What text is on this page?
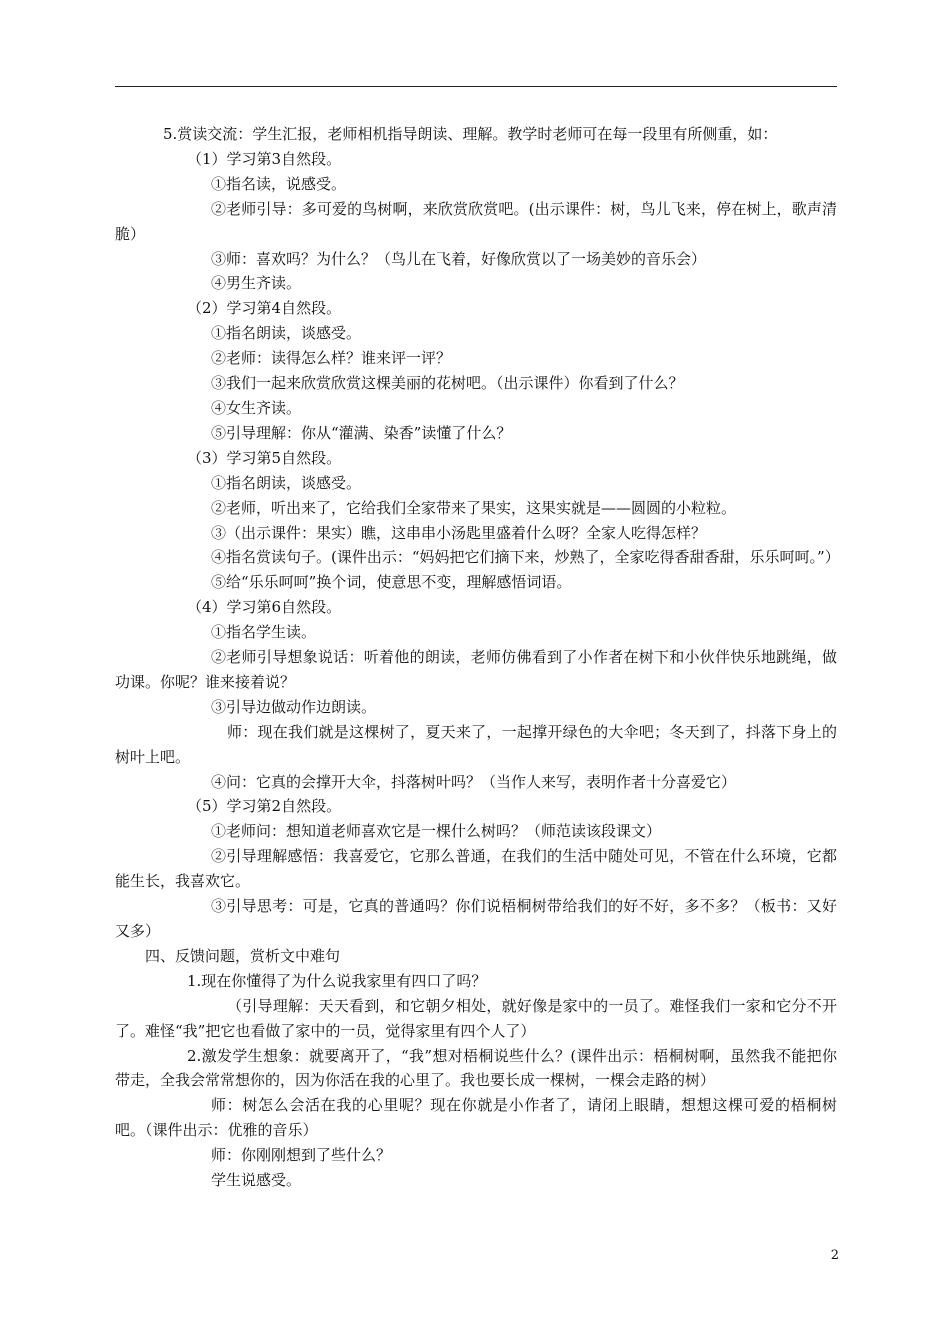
5.赏读交流：学生汇报，老师相机指导朗读、理解。教学时老师可在每一段里有所侧重，如：

（1）学习第3自然段。

①指名读，说感受。

②老师引导：多可爱的鸟树啊，来欣赏欣赏吧。(出示课件：树，鸟儿飞来，停在树上，歌声清脆）

③师：喜欢吗？为什么？（鸟儿在飞着，好像欣赏以了一场美妙的音乐会）

④男生齐读。

（2）学习第4自然段。

①指名朗读，谈感受。

②老师：读得怎么样？谁来评一评？

③我们一起来欣赏欣赏这棵美丽的花树吧。（出示课件）你看到了什么？

④女生齐读。

⑤引导理解：你从“灌满、染香”读懂了什么？

（3）学习第5自然段。

①指名朗读，谈感受。

②老师，听出来了，它给我们全家带来了果实，这果实就是——圆圆的小粒粒。

③（出示课件：果实）瞧，这串串小汤匙里盛着什么呀？全家人吃得怎样？

④指名赏读句子。(课件出示：“妈妈把它们摘下来，炒熟了，全家吃得香甜香甜，乐乐呵呵。”）

⑤给“乐乐呵呵”换个词，使意思不变，理解感悟词语。

（4）学习第6自然段。

①指名学生读。

②老师引导想象说话：听着他的朗读，老师仿佛看到了小作者在树下和小伙伴快乐地跳绳，做功课。你呢？谁来接着说？

③引导边做动作边朗读。

师：现在我们就是这棵树了，夏天来了，一起撑开绿色的大伞吧；冬天到了，抖落下身上的树叶上吧。

④问：它真的会撑开大伞，抖落树叶吗？（当作人来写，表明作者十分喜爱它）

（5）学习第2自然段。

①老师问：想知道老师喜欢它是一棵什么树吗？（师范读该段课文）

②引导理解感悟：我喜爱它，它那么普通，在我们的生活中随处可见，不管在什么环境，它都能生长，我喜欢它。

③引导思考：可是，它真的普通吗？你们说梧桐树带给我们的好不好，多不多？（板书：又好又多）

四、反馈问题，赏析文中难句

1.现在你懂得了为什么说我家里有四口了吗？

（引导理解：天天看到，和它朝夕相处，就好像是家中的一员了。难怪我们一家和它分不开了。难怪“我”把它也看做了家中的一员，觉得家里有四个人了）

2.激发学生想象：就要离开了，“我”想对梧桐说些什么？(课件出示：梧桐树啊，虽然我不能把你带走，全我会常常想你的，因为你活在我的心里了。我也要长成一棵树，一棵会走路的树）

师：树怎么会活在我的心里呢？现在你就是小作者了，请闭上眼睛，想想这棵可爱的梧桐树吧。（课件出示：优雅的音乐）

师：你刚刚想到了些什么？

学生说感受。

2
